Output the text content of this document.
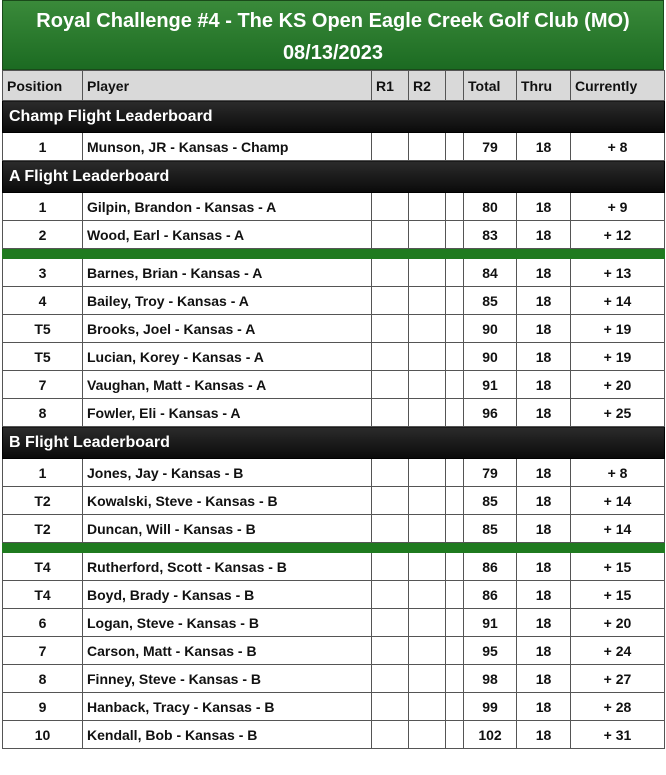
Royal Challenge #4 - The KS Open Eagle Creek Golf Club (MO)
08/13/2023
Position	Player	R1	R2		Total	Thru	Currently
Champ Flight Leaderboard							
1	Munson, JR - Kansas - Champ				79	18	+ 8
A Flight Leaderboard							
1	Gilpin, Brandon - Kansas - A				80	18	+ 9
2	Wood, Earl - Kansas - A				83	18	+ 12

3	Barnes, Brian - Kansas - A				84	18	+ 13
4	Bailey, Troy - Kansas - A				85	18	+ 14
T5	Brooks, Joel - Kansas - A				90	18	+ 19
T5	Lucian, Korey - Kansas - A				90	18	+ 19
7	Vaughan, Matt - Kansas - A				91	18	+ 20
8	Fowler, Eli - Kansas - A				96	18	+ 25
B Flight Leaderboard							
1	Jones, Jay - Kansas - B				79	18	+ 8
T2	Kowalski, Steve - Kansas - B				85	18	+ 14
T2	Duncan, Will - Kansas - B				85	18	+ 14

T4	Rutherford, Scott - Kansas - B				86	18	+ 15
T4	Boyd, Brady - Kansas - B				86	18	+ 15
6	Logan, Steve - Kansas - B				91	18	+ 20
7	Carson, Matt - Kansas - B				95	18	+ 24
8	Finney, Steve - Kansas - B				98	18	+ 27
9	Hanback, Tracy - Kansas - B				99	18	+ 28
10	Kendall, Bob - Kansas - B				102	18	+ 31
